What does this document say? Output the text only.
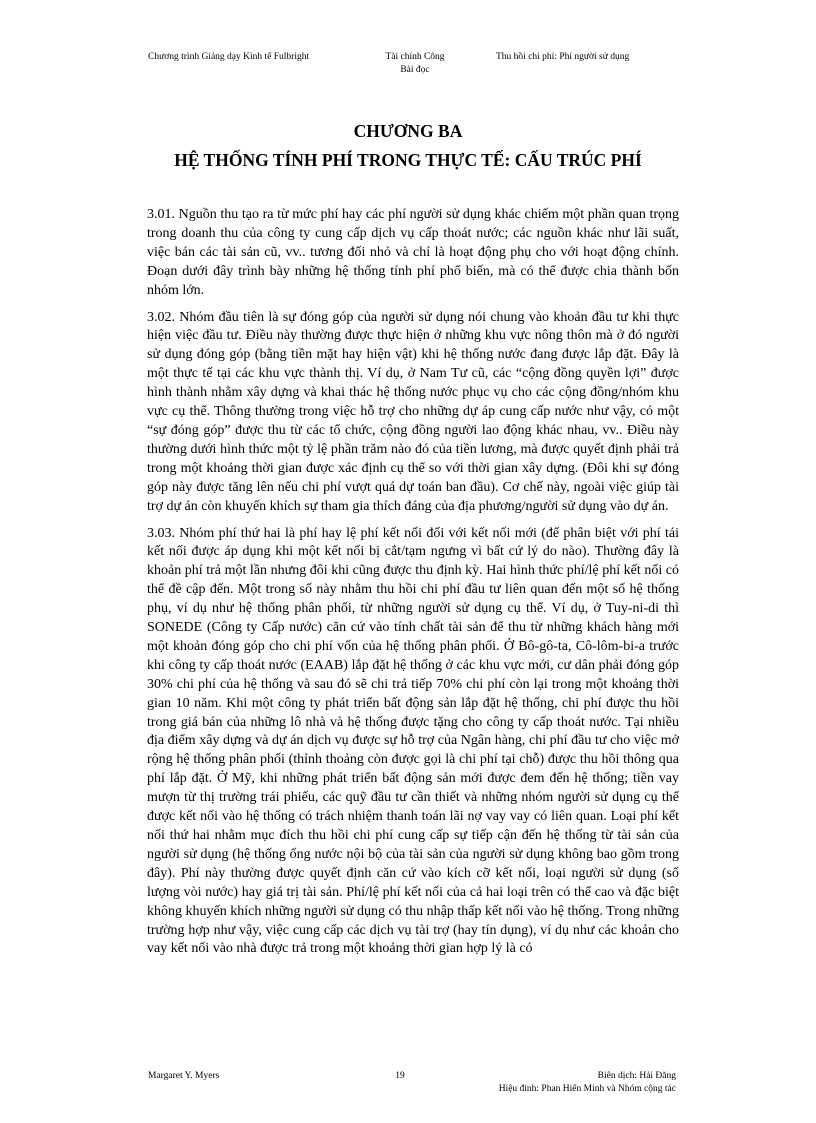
Chương trình Giảng dạy Kinh tế Fulbright	Tài chính Công
Bài đọc
Thu hồi chi phí: Phí người sử dụng
CHƯƠNG BA
HỆ THỐNG TÍNH PHÍ TRONG THỰC TẾ: CẤU TRÚC PHÍ

3.01. Nguồn thu tạo ra từ mức phí hay các phí người sử dụng khác chiếm một phần quan trọng trong doanh thu của công ty cung cấp dịch vụ cấp thoát nước; các nguồn khác như lãi suất, việc bán các tài sản cũ, vv.. tương đối nhỏ và chỉ là hoạt động phụ cho với hoạt động chính. Đoạn dưới đây trình bày những hệ thống tính phí phổ biến, mà có thể được chia thành bốn nhóm lớn.

3.02. Nhóm đầu tiên là sự đóng góp của người sử dụng nói chung vào khoản đầu tư khi thực hiện việc đầu tư. Điều này thường được thực hiện ở những khu vực nông thôn mà ở đó người sử dụng đóng góp (bằng tiền mặt hay hiện vật) khi hệ thống nước đang được lắp đặt. Đây là một thực tế tại các khu vực thành thị. Ví dụ, ở Nam Tư cũ, các “cộng đồng quyền lợi” được hình thành nhằm xây dựng và khai thác hệ thống nước phục vụ cho các cộng đồng/nhóm khu vực cụ thể. Thông thường trong việc hỗ trợ cho những dự áp cung cấp nước như vậy, có một “sự đóng góp” được thu từ các tổ chức, cộng đồng người lao động khác nhau, vv.. Điều này thường dưới hình thức một tỷ lệ phần trăm nào đó của tiền lương, mà được quyết định phải trả trong một khoảng thời gian được xác định cụ thể so với thời gian xây dựng. (Đôi khi sự đóng góp này được tăng lên nếu chi phí vượt quá dự toán ban đầu). Cơ chế này, ngoài việc giúp tài trợ dự án còn khuyến khích sự tham gia thích đáng của địa phương/người sử dụng vào dự án.

3.03. Nhóm phí thứ hai là phí hay lệ phí kết nối đối với kết nối mới (để phân biệt với phí tái kết nối được áp dụng khi một kết nối bị cắt/tạm ngưng vì bất cứ lý do nào). Thường đây là khoản phí trả một lần nhưng đôi khi cũng được thu định kỳ. Hai hình thức phí/lệ phí kết nối có thể đề cập đến. Một trong số này nhằm thu hồi chi phí đầu tư liên quan đến một số hệ thống phụ, ví dụ như hệ thống phân phối, từ những người sử dụng cụ thể. Ví dụ, ở Tuy-ni-di thì SONEDE (Công ty Cấp nước) căn cứ vào tính chất tài sản để thu từ những khách hàng mới một khoản đóng góp cho chi phí vốn của hệ thống phân phối. Ở Bô-gô-ta, Cô-lôm-bi-a trước khi công ty cấp thoát nước (EAAB) lắp đặt hệ thống ở các khu vực mới, cư dân phải đóng góp 30% chi phí của hệ thống và sau đó sẽ chi trả tiếp 70% chi phí còn lại trong một khoảng thời gian 10 năm. Khi một công ty phát triển bất động sản lắp đặt hệ thống, chi phí được thu hồi trong giá bán của những lô nhà và hệ thống được tặng cho công ty cấp thoát nước. Tại nhiều địa điểm xây dựng và dự án dịch vụ được sự hỗ trợ của Ngân hàng, chi phí đầu tư cho việc mở rộng hệ thống phân phối (thỉnh thoảng còn được gọi là chi phí tại chỗ) được thu hồi thông qua phí lắp đặt. Ở Mỹ, khi những phát triển bất động sản mới được đem đến hệ thống; tiền vay mượn từ thị trường trái phiếu, các quỹ đầu tư cần thiết và những nhóm người sử dụng cụ thể được kết nối vào hệ thống có trách nhiệm thanh toán lãi nợ vay vay có liên quan. Loại phí kết nối thứ hai nhằm mục đích thu hồi chi phí cung cấp sự tiếp cận đến hệ thống từ tài sản của người sử dụng (hệ thống ống nước nội bộ của tài sản của người sử dụng không bao gồm trong đây). Phí này thường được quyết định căn cứ vào kích cỡ kết nối, loại người sử dụng (số lượng vòi nước) hay giá trị tài sản. Phí/lệ phí kết nối của cả hai loại trên có thể cao và đặc biệt không khuyến khích những người sử dụng có thu nhập thấp kết nối vào hệ thống. Trong những trường hợp như vậy, việc cung cấp các dịch vụ tài trợ (hay tín dụng), ví dụ như các khoản cho vay kết nối vào nhà được trả trong một khoảng thời gian hợp lý là có

Margaret Y. Myers	19	Biên dịch: Hải Đăng
Hiệu đính: Phan Hiển Minh và Nhóm cộng tác
